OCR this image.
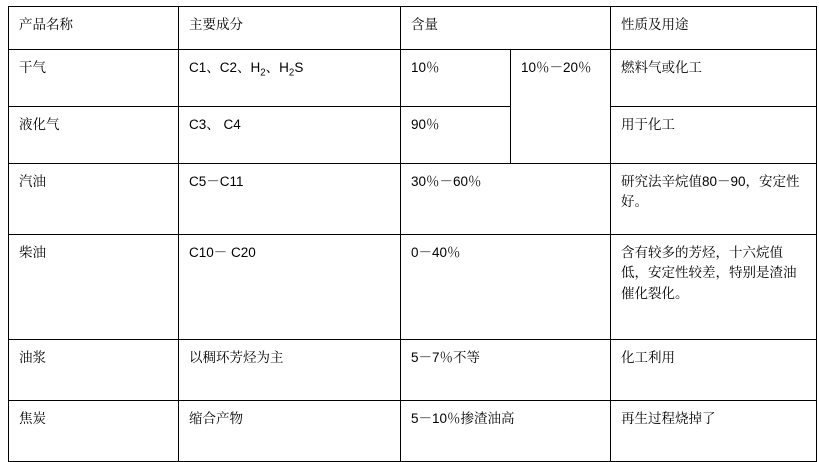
产品名称	主要成分	含量		性质及用途

干气	C1、C2、$H_2$、$H_2S$	10％	10％－20％	燃料气或化工

液化气	C3、 C4	90％		用于化工

汽油	C5－C11	30％－60％		研究法辛烷值80－90，安定性好。

柴油	C10－ C20	0－40％		含有较多的芳烃，十六烷值低，安定性较差，特别是渣油催化裂化。

油浆	以稠环芳烃为主	5－7％不等		化工利用

焦炭	缩合产物	5－10％掺渣油高		再生过程烧掉了
